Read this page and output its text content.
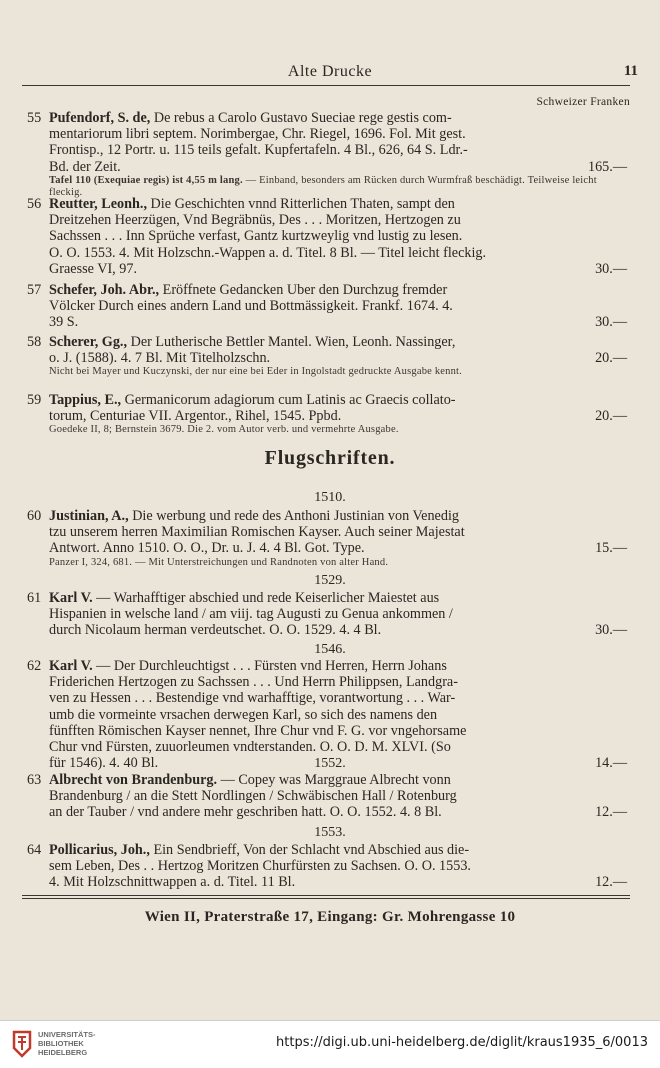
Alte Drucke	11
Schweizer Franken
55 Pufendorf, S. de, De rebus a Carolo Gustavo Sueciae rege gestis com-
mentariorum libri septem. Norimbergae, Chr. Riegel, 1696. Fol. Mit gest.
Frontisp., 12 Portr. u. 115 teils gefalt. Kupfertafeln. 4 Bl., 626, 64 S. Ldr.-
Bd. der Zeit.	165.—
Tafel 110 (Exequiae regis) ist 4,55 m lang. — Einband, besonders am Rücken durch Wurmfraß beschädigt. Teilweise leicht fleckig.
56 Reutter, Leonh., Die Geschichten vnnd Ritterlichen Thaten, sampt den
Dreitzehen Heerzügen, Vnd Begräbnüs, Des . . . Moritzen, Hertzogen zu
Sachssen . . . Inn Sprüche verfast, Gantz kurtzweylig vnd lustig zu lesen.
O. O. 1553. 4. Mit Holzschn.-Wappen a. d. Titel. 8 Bl. — Titel leicht fleckig.
Graesse VI, 97.	30.—
57 Schefer, Joh. Abr., Eröffnete Gedancken Uber den Durchzug fremder
Völcker Durch eines andern Land und Bottmässigkeit. Frankf. 1674. 4.
39 S.	30.—
58 Scherer, Gg., Der Lutherische Bettler Mantel. Wien, Leonh. Nassinger,
o. J. (1588). 4. 7 Bl. Mit Titelholzschn.	20.—
Nicht bei Mayer und Kuczynski, der nur eine bei Eder in Ingolstadt gedruckte Ausgabe kennt.
59 Tappius, E., Germanicorum adagiorum cum Latinis ac Graecis collato-
torum, Centuriae VII. Argentor., Rihel, 1545. Ppbd.	20.—
Goedeke II, 8; Bernstein 3679. Die 2. vom Autor verb. und vermehrte Ausgabe.
Flugschriften.
1510.
60 Justinian, A., Die werbung und rede des Anthoni Justinian von Venedig
tzu unserem herren Maximilian Romischen Kayser. Auch seiner Majestat
Antwort. Anno 1510. O. O., Dr. u. J. 4. 4 Bl. Got. Type.	15.—
Panzer I, 324, 681. — Mit Unterstreichungen und Randnoten von alter Hand.
1529.
61 Karl V. — Warhafftiger abschied und rede Keiserlicher Maiestet aus
Hispanien in welsche land / am viij. tag Augusti zu Genua ankommen /
durch Nicolaum herman verdeutschet. O. O. 1529. 4. 4 Bl.	30.—
1546.
62 Karl V. — Der Durchleuchtigst . . . Fürsten vnd Herren, Herrn Johans
Friderichen Hertzogen zu Sachssen . . . Und Herrn Philippsen, Landgra-
ven zu Hessen . . . Bestendige vnd warhafftige, vorantwortung . . . War-
umb die vormeinte vrsachen derwegen Karl, so sich des namens den
fünfften Römischen Kayser nennet, Ihre Chur vnd F. G. vor vngehorsame
Chur vnd Fürsten, zuuorleumen vndterstanden. O. O. D. M. XLVI. (So
für 1546). 4. 40 Bl.	14.—
1552.
63 Albrecht von Brandenburg. — Copey was Marggraue Albrecht vonn
Brandenburg / an die Stett Nordlingen / Schwäbischen Hall / Rotenburg
an der Tauber / vnd andere mehr geschriben hatt. O. O. 1552. 4. 8 Bl.	12.—
1553.
64 Pollicarius, Joh., Ein Sendbrieff, Von der Schlacht vnd Abschied aus die-
sem Leben, Des . . Hertzog Moritzen Churfürsten zu Sachsen. O. O. 1553.
4. Mit Holzschnittwappen a. d. Titel. 11 Bl.	12.—
Wien II, Praterstraße 17, Eingang: Gr. Mohrengasse 10
UNIVERSITÄTS-
BIBLIOTHEK
HEIDELBERG
https://digi.ub.uni-heidelberg.de/diglit/kraus1935_6/0013
